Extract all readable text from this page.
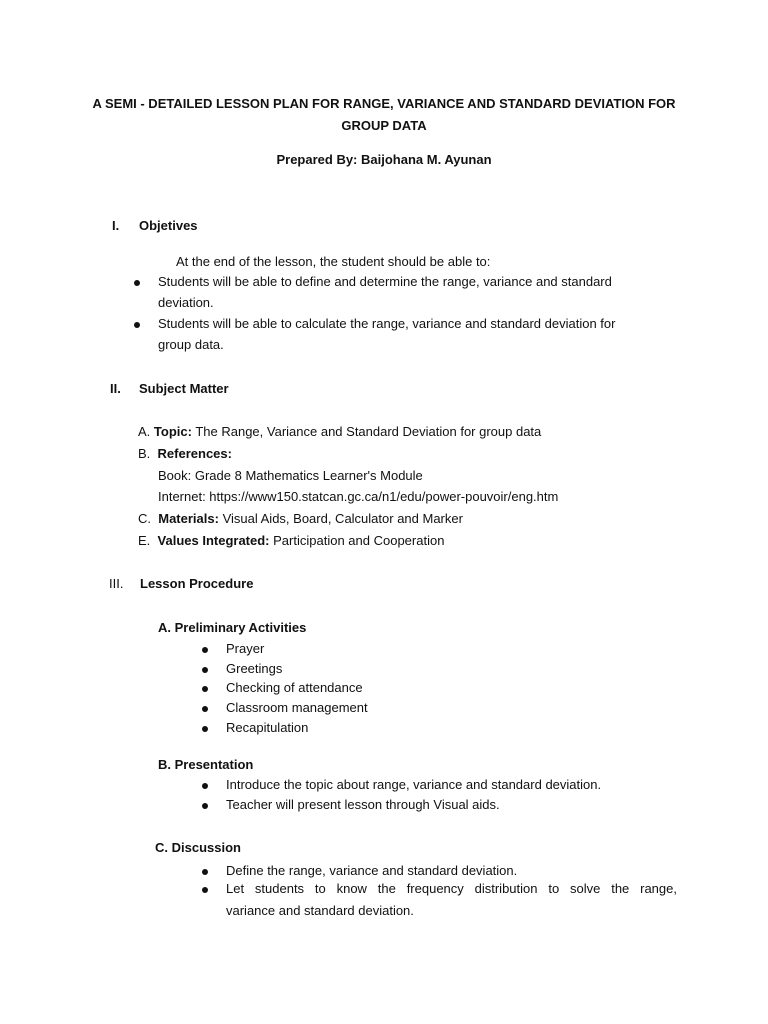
A SEMI - DETAILED LESSON PLAN FOR RANGE, VARIANCE AND STANDARD DEVIATION FOR
GROUP DATA
Prepared By: Baijohana M. Ayunan
I. Objetives
At the end of the lesson, the student should be able to:
Students will be able to define and determine the range, variance and standard
deviation.
Students will be able to calculate the range, variance and standard deviation for
group data.
II. Subject Matter
A. Topic: The Range, Variance and Standard Deviation for group data
B. References:
Book: Grade 8 Mathematics Learner's Module
Internet: https://www150.statcan.gc.ca/n1/edu/power-pouvoir/eng.htm
C. Materials: Visual Aids, Board, Calculator and Marker
E. Values Integrated: Participation and Cooperation
III. Lesson Procedure
A. Preliminary Activities
Prayer
Greetings
Checking of attendance
Classroom management
Recapitulation
B. Presentation
Introduce the topic about range, variance and standard deviation.
Teacher will present lesson through Visual aids.
C. Discussion
Define the range, variance and standard deviation.
Let students to know the frequency distribution to solve the range,
variance and standard deviation.
